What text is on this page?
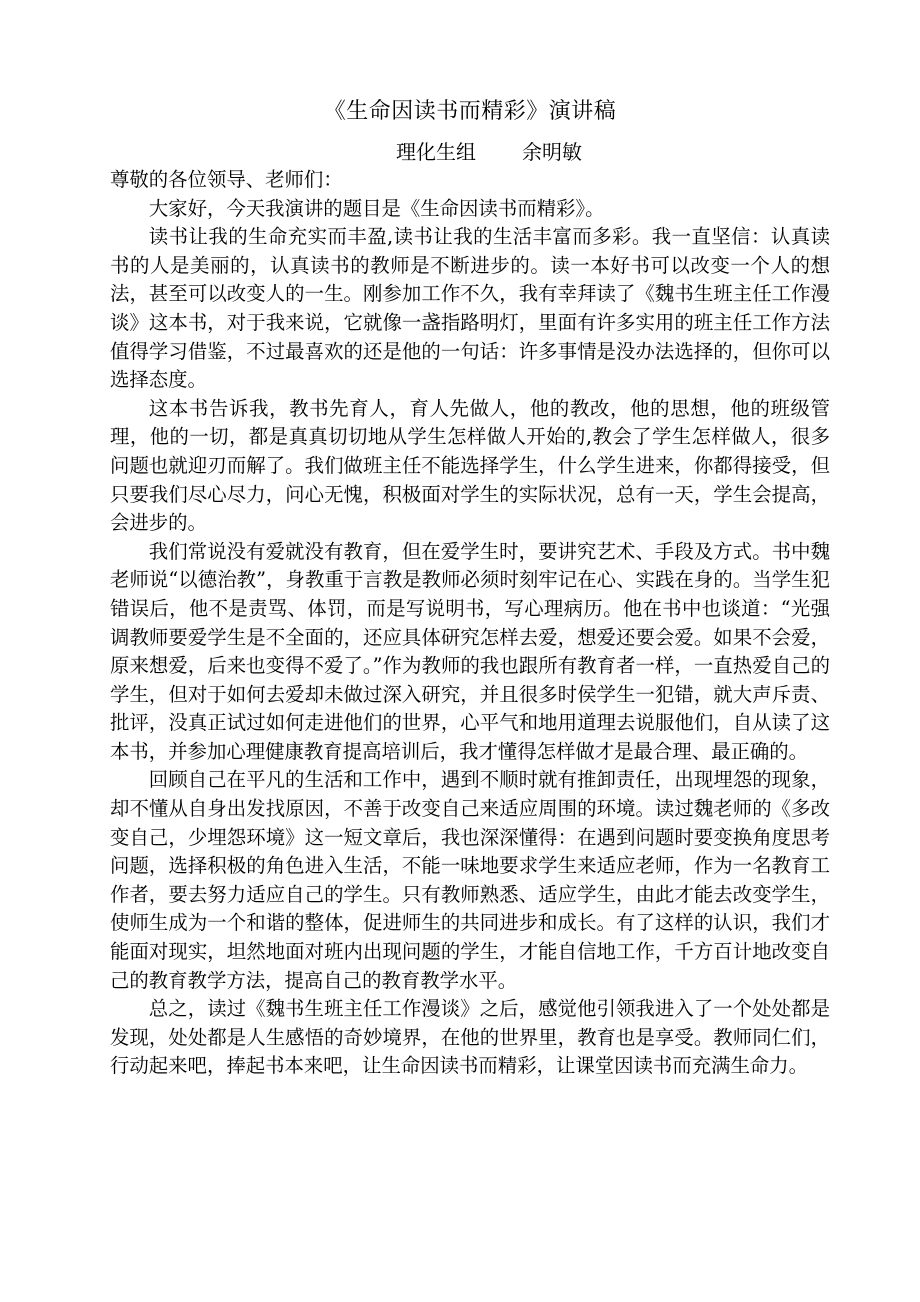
《生命因读书而精彩》演讲稿
理化生组 余明敏

尊敬的各位领导、老师们：

大家好，今天我演讲的题目是《生命因读书而精彩》。

读书让我的生命充实而丰盈,读书让我的生活丰富而多彩。我一直坚信：认真读书的人是美丽的，认真读书的教师是不断进步的。读一本好书可以改变一个人的想法，甚至可以改变人的一生。刚参加工作不久，我有幸拜读了《魏书生班主任工作漫谈》这本书，对于我来说，它就像一盏指路明灯，里面有许多实用的班主任工作方法值得学习借鉴，不过最喜欢的还是他的一句话：许多事情是没办法选择的，但你可以选择态度。

这本书告诉我，教书先育人，育人先做人，他的教改，他的思想，他的班级管理，他的一切，都是真真切切地从学生怎样做人开始的,教会了学生怎样做人，很多问题也就迎刃而解了。我们做班主任不能选择学生，什么学生进来，你都得接受，但只要我们尽心尽力，问心无愧，积极面对学生的实际状况，总有一天，学生会提高，会进步的。

我们常说没有爱就没有教育，但在爱学生时，要讲究艺术、手段及方式。书中魏老师说“以德治教”，身教重于言教是教师必须时刻牢记在心、实践在身的。当学生犯错误后，他不是责骂、体罚，而是写说明书，写心理病历。他在书中也谈道：“光强调教师要爱学生是不全面的，还应具体研究怎样去爱，想爱还要会爱。如果不会爱，原来想爱，后来也变得不爱了。”作为教师的我也跟所有教育者一样，一直热爱自己的学生，但对于如何去爱却未做过深入研究，并且很多时侯学生一犯错，就大声斥责、批评，没真正试过如何走进他们的世界，心平气和地用道理去说服他们，自从读了这本书，并参加心理健康教育提高培训后，我才懂得怎样做才是最合理、最正确的。

回顾自己在平凡的生活和工作中，遇到不顺时就有推卸责任，出现埋怨的现象，却不懂从自身出发找原因，不善于改变自己来适应周围的环境。读过魏老师的《多改变自己，少埋怨环境》这一短文章后，我也深深懂得：在遇到问题时要变换角度思考问题，选择积极的角色进入生活，不能一味地要求学生来适应老师，作为一名教育工作者，要去努力适应自己的学生。只有教师熟悉、适应学生，由此才能去改变学生，使师生成为一个和谐的整体，促进师生的共同进步和成长。有了这样的认识，我们才能面对现实，坦然地面对班内出现问题的学生，才能自信地工作，千方百计地改变自己的教育教学方法，提高自己的教育教学水平。

总之，读过《魏书生班主任工作漫谈》之后，感觉他引领我进入了一个处处都是发现，处处都是人生感悟的奇妙境界，在他的世界里，教育也是享受。教师同仁们，行动起来吧，捧起书本来吧，让生命因读书而精彩，让课堂因读书而充满生命力。
